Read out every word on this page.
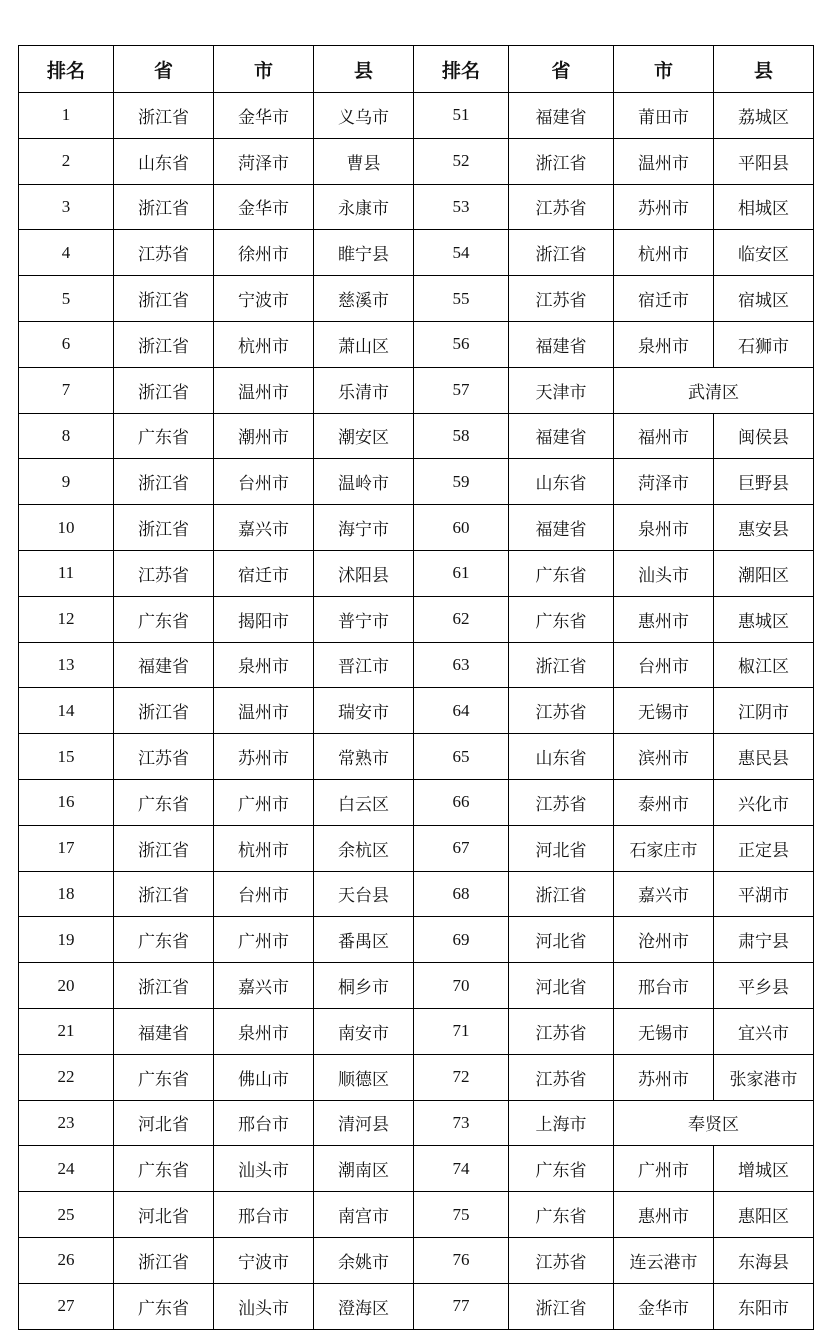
排名	省	市	县	排名	省	市	县
1	浙江省	金华市	义乌市	51	福建省	莆田市	荔城区
2	山东省	菏泽市	曹县	52	浙江省	温州市	平阳县
3	浙江省	金华市	永康市	53	江苏省	苏州市	相城区
4	江苏省	徐州市	睢宁县	54	浙江省	杭州市	临安区
5	浙江省	宁波市	慈溪市	55	江苏省	宿迁市	宿城区
6	浙江省	杭州市	萧山区	56	福建省	泉州市	石狮市
7	浙江省	温州市	乐清市	57	天津市	武清区	
8	广东省	潮州市	潮安区	58	福建省	福州市	闽侯县
9	浙江省	台州市	温岭市	59	山东省	菏泽市	巨野县
10	浙江省	嘉兴市	海宁市	60	福建省	泉州市	惠安县
11	江苏省	宿迁市	沭阳县	61	广东省	汕头市	潮阳区
12	广东省	揭阳市	普宁市	62	广东省	惠州市	惠城区
13	福建省	泉州市	晋江市	63	浙江省	台州市	椒江区
14	浙江省	温州市	瑞安市	64	江苏省	无锡市	江阴市
15	江苏省	苏州市	常熟市	65	山东省	滨州市	惠民县
16	广东省	广州市	白云区	66	江苏省	泰州市	兴化市
17	浙江省	杭州市	余杭区	67	河北省	石家庄市	正定县
18	浙江省	台州市	天台县	68	浙江省	嘉兴市	平湖市
19	广东省	广州市	番禺区	69	河北省	沧州市	肃宁县
20	浙江省	嘉兴市	桐乡市	70	河北省	邢台市	平乡县
21	福建省	泉州市	南安市	71	江苏省	无锡市	宜兴市
22	广东省	佛山市	顺德区	72	江苏省	苏州市	张家港市
23	河北省	邢台市	清河县	73	上海市	奉贤区	
24	广东省	汕头市	潮南区	74	广东省	广州市	增城区
25	河北省	邢台市	南宫市	75	广东省	惠州市	惠阳区
26	浙江省	宁波市	余姚市	76	江苏省	连云港市	东海县
27	广东省	汕头市	澄海区	77	浙江省	金华市	东阳市
